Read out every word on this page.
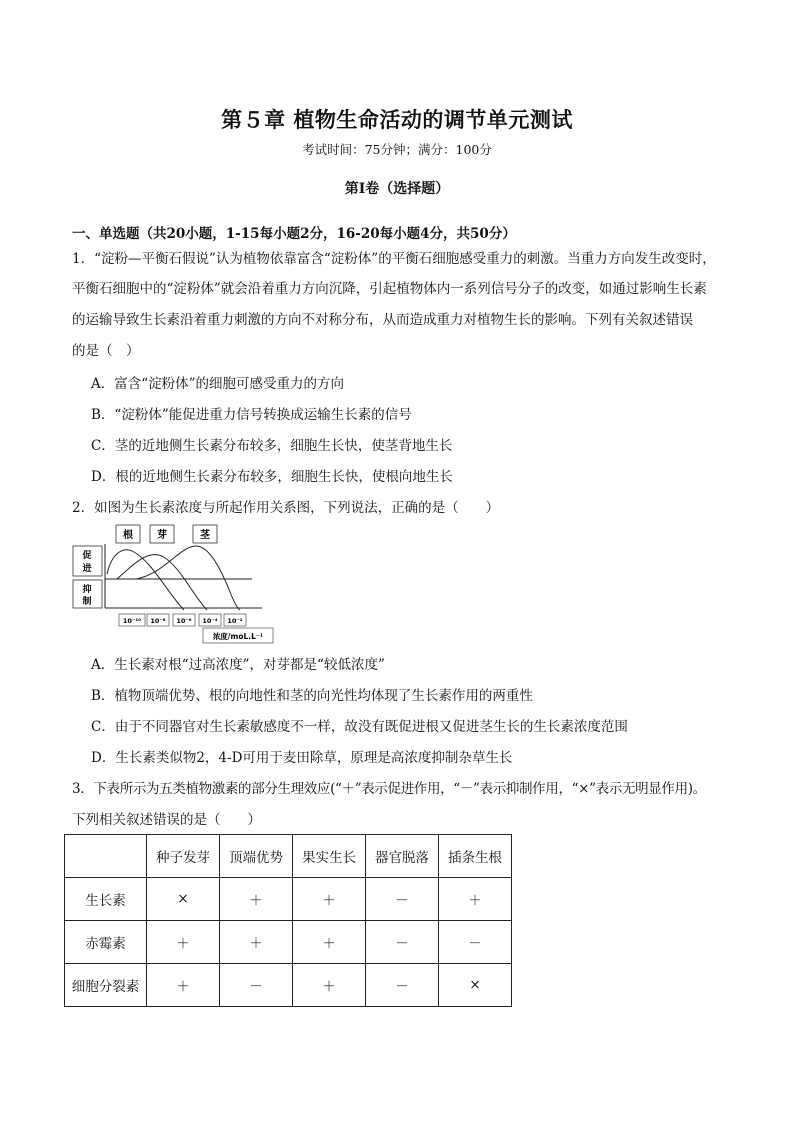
第５章 植物生命活动的调节单元测试
考试时间：75分钟；满分：100分
第Ⅰ卷（选择题）
一、单选题（共20小题，1-15每小题2分，16-20每小题4分，共50分）
1．“淀粉—平衡石假说”认为植物依靠富含“淀粉体”的平衡石细胞感受重力的刺激。当重力方向发生改变时，
平衡石细胞中的“淀粉体”就会沿着重力方向沉降，引起植物体内一系列信号分子的改变，如通过影响生长素
的运输导致生长素沿着重力刺激的方向不对称分布，从而造成重力对植物生长的影响。下列有关叙述错误
的是（　）
A．富含“淀粉体”的细胞可感受重力的方向
B．“淀粉体”能促进重力信号转换成运输生长素的信号
C．茎的近地侧生长素分布较多，细胞生长快，使茎背地生长
D．根的近地侧生长素分布较多，细胞生长快，使根向地生长
2．如图为生长素浓度与所起作用关系图，下列说法，正确的是（　　）
根 芽	茎
促
进
抑
制
10⁻¹⁰ 10⁻⁸ 10⁻⁶ 10⁻⁴ 10⁻²
浓度/moL.L⁻¹
A．生长素对根“过高浓度”，对芽都是“较低浓度”
B．植物顶端优势、根的向地性和茎的向光性均体现了生长素作用的两重性
C．由于不同器官对生长素敏感度不一样，故没有既促进根又促进茎生长的生长素浓度范围
D．生长素类似物2，4-D可用于麦田除草，原理是高浓度抑制杂草生长
3．下表所示为五类植物激素的部分生理效应(“＋”表示促进作用，“－”表示抑制作用，“×”表示无明显作用)。
下列相关叙述错误的是（　　）
	种子发芽	顶端优势	果实生长	器官脱落	插条生根
生长素	×	＋	＋	－	＋
赤霉素	＋	＋	＋	－	－
细胞分裂素	＋	－	＋	－	×
